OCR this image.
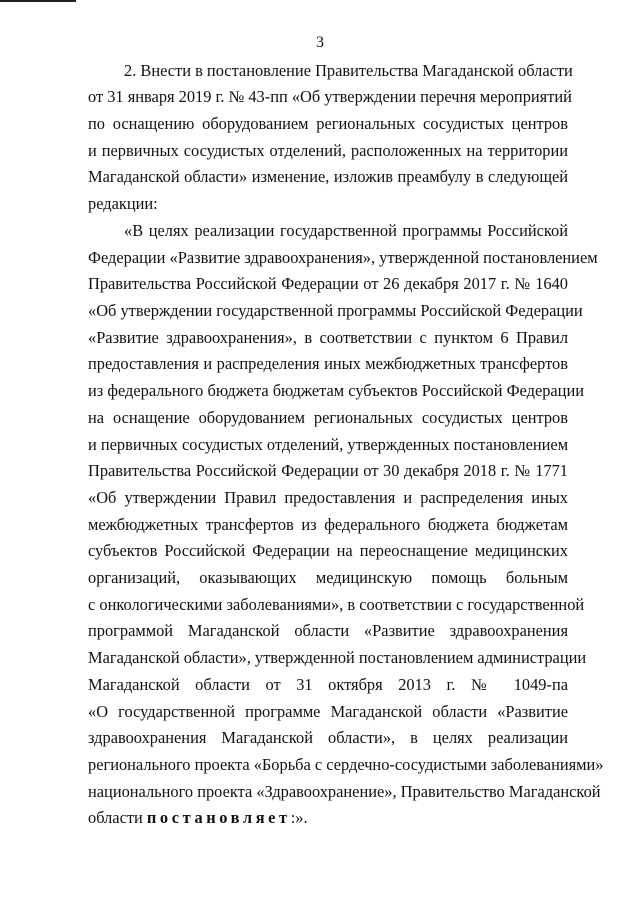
3
2. Внести в постановление Правительства Магаданской области
от 31 января 2019 г. № 43-пп «Об утверждении перечня мероприятий
по оснащению оборудованием региональных сосудистых центров
и первичных сосудистых отделений, расположенных на территории
Магаданской области» изменение, изложив преамбулу в следующей
редакции:
«В целях реализации государственной программы Российской
Федерации «Развитие здравоохранения», утвержденной постановлением
Правительства Российской Федерации от 26 декабря 2017 г. № 1640
«Об утверждении государственной программы Российской Федерации
«Развитие здравоохранения», в соответствии с пунктом 6 Правил
предоставления и распределения иных межбюджетных трансфертов
из федерального бюджета бюджетам субъектов Российской Федерации
на оснащение оборудованием региональных сосудистых центров
и первичных сосудистых отделений, утвержденных постановлением
Правительства Российской Федерации от 30 декабря 2018 г. № 1771
«Об утверждении Правил предоставления и распределения иных
межбюджетных трансфертов из федерального бюджета бюджетам
субъектов Российской Федерации на переоснащение медицинских
организаций, оказывающих медицинскую помощь больным
с онкологическими заболеваниями», в соответствии с государственной
программой Магаданской области «Развитие здравоохранения
Магаданской области», утвержденной постановлением администрации
Магаданской области от 31 октября 2013 г. № 1049-па
«О государственной программе Магаданской области «Развитие
здравоохранения Магаданской области», в целях реализации
регионального проекта «Борьба с сердечно-сосудистыми заболеваниями»
национального проекта «Здравоохранение», Правительство Магаданской
области постановляет:».
